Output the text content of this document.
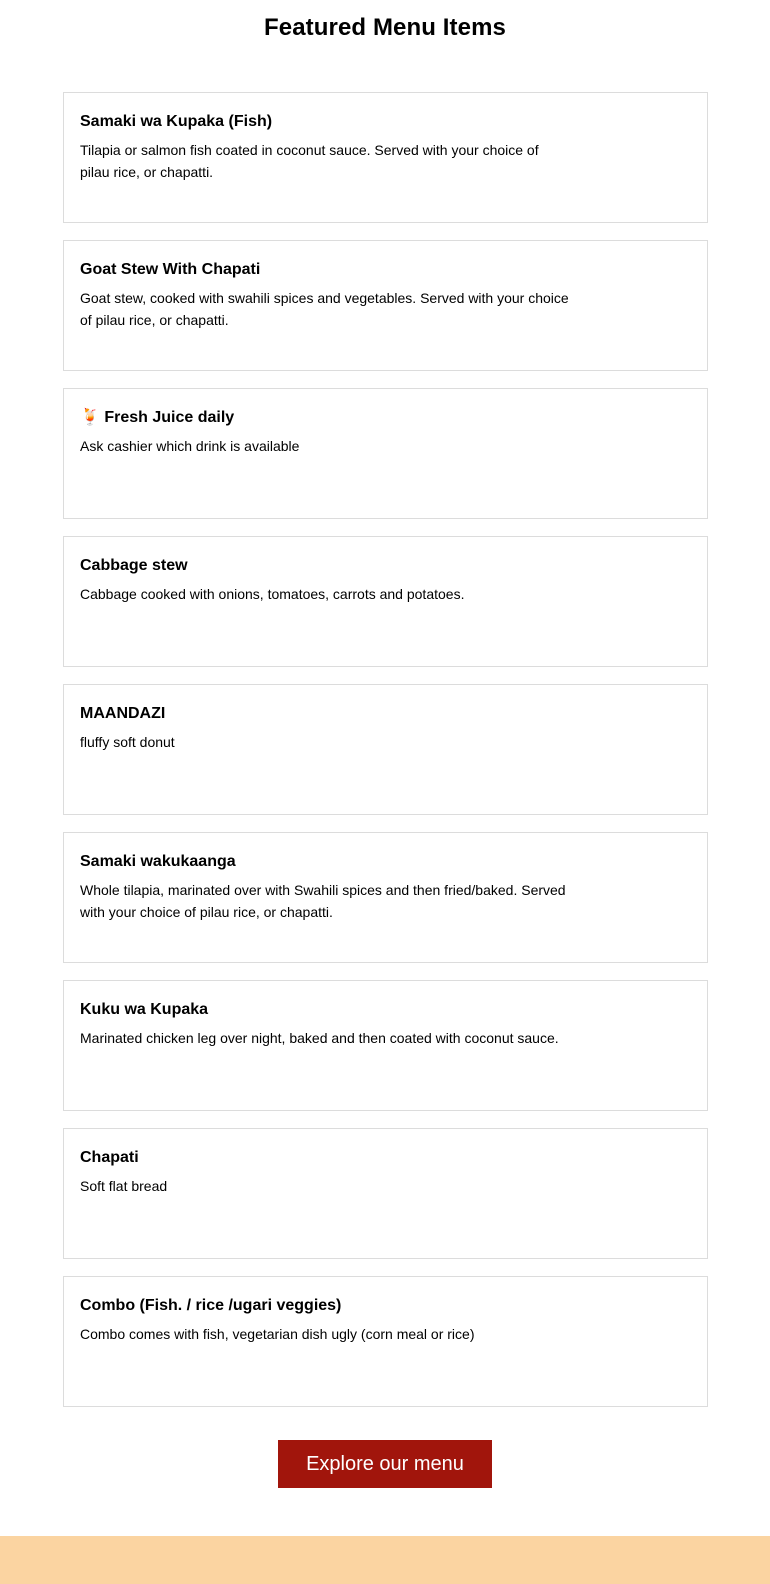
Featured Menu Items
Samaki wa Kupaka (Fish)
Tilapia or salmon fish coated in coconut sauce. Served with your choice of pilau rice, or chapatti.
Goat Stew With Chapati
Goat stew, cooked with swahili spices and vegetables. Served with your choice of pilau rice, or chapatti.
🍹 Fresh Juice daily
Ask cashier which drink is available
Cabbage stew
Cabbage cooked with onions, tomatoes, carrots and potatoes.
MAANDAZI
fluffy soft donut
Samaki wakukaanga
Whole tilapia, marinated over with Swahili spices and then fried/baked. Served with your choice of pilau rice, or chapatti.
Kuku wa Kupaka
Marinated chicken leg over night, baked and then coated with coconut sauce.
Chapati
Soft flat bread
Combo (Fish. / rice /ugari veggies)
Combo comes with fish, vegetarian dish ugly (corn meal or rice)
Explore our menu
